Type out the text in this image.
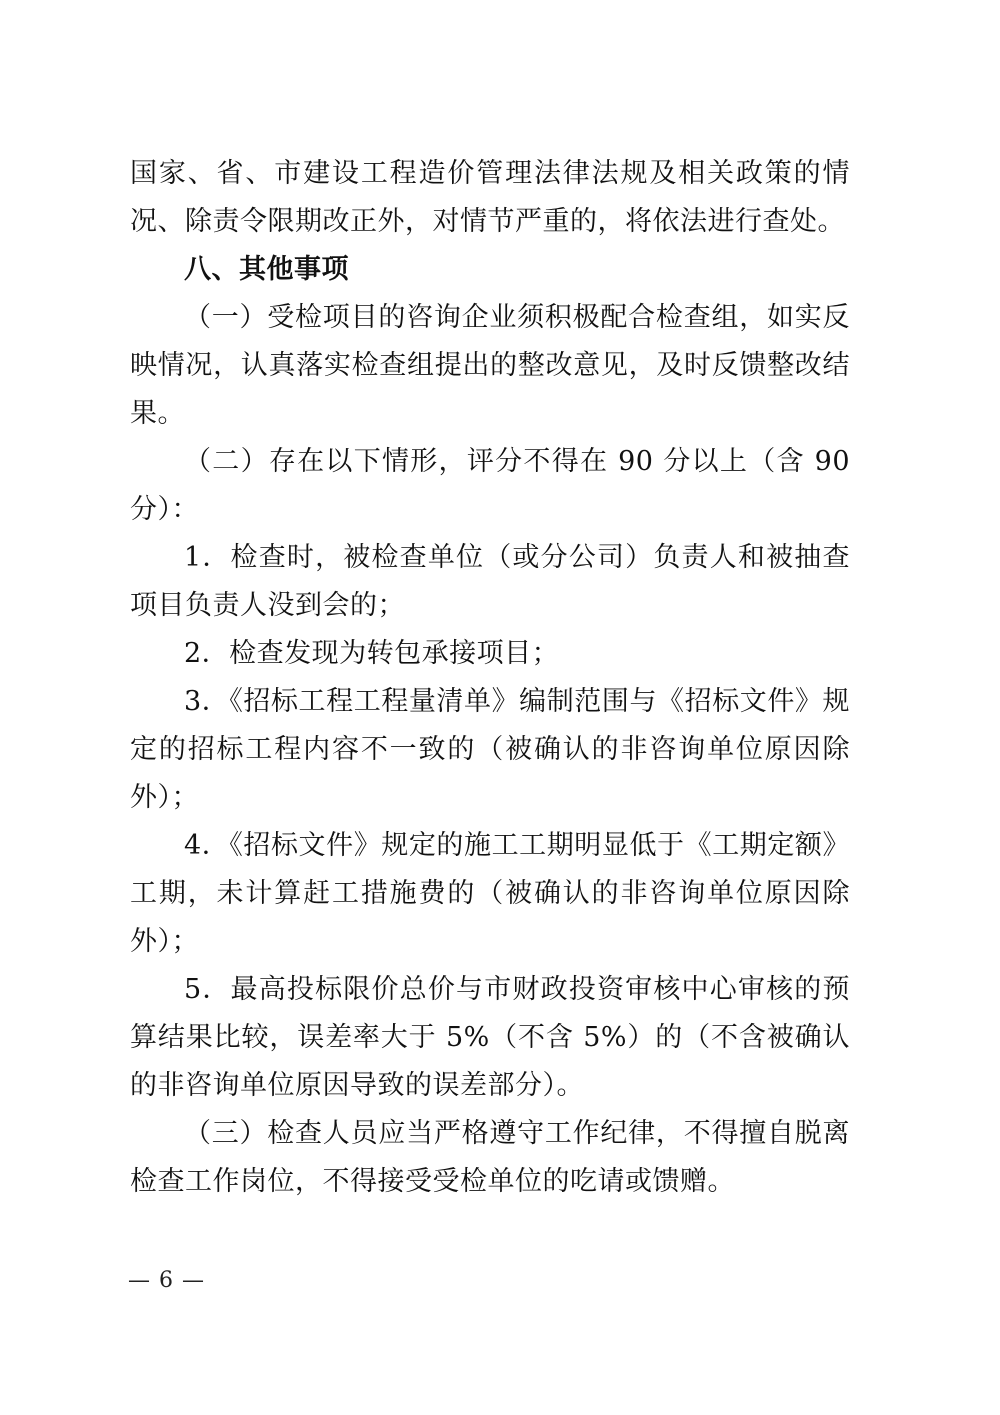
国家、省、市建设工程造价管理法律法规及相关政策的情况、除责令限期改正外，对情节严重的，将依法进行查处。

八、其他事项

（一）受检项目的咨询企业须积极配合检查组，如实反映情况，认真落实检查组提出的整改意见，及时反馈整改结果。

（二）存在以下情形，评分不得在 90 分以上（含 90 分）：

1．检查时，被检查单位（或分公司）负责人和被抽查项目负责人没到会的；

2．检查发现为转包承接项目；

3．《招标工程工程量清单》编制范围与《招标文件》规定的招标工程内容不一致的（被确认的非咨询单位原因除外）；

4．《招标文件》规定的施工工期明显低于《工期定额》工期，未计算赶工措施费的（被确认的非咨询单位原因除外）；

5．最高投标限价总价与市财政投资审核中心审核的预算结果比较，误差率大于 5%（不含 5%）的（不含被确认的非咨询单位原因导致的误差部分）。

（三）检查人员应当严格遵守工作纪律，不得擅自脱离检查工作岗位，不得接受受检单位的吃请或馈赠。

— 6 —
